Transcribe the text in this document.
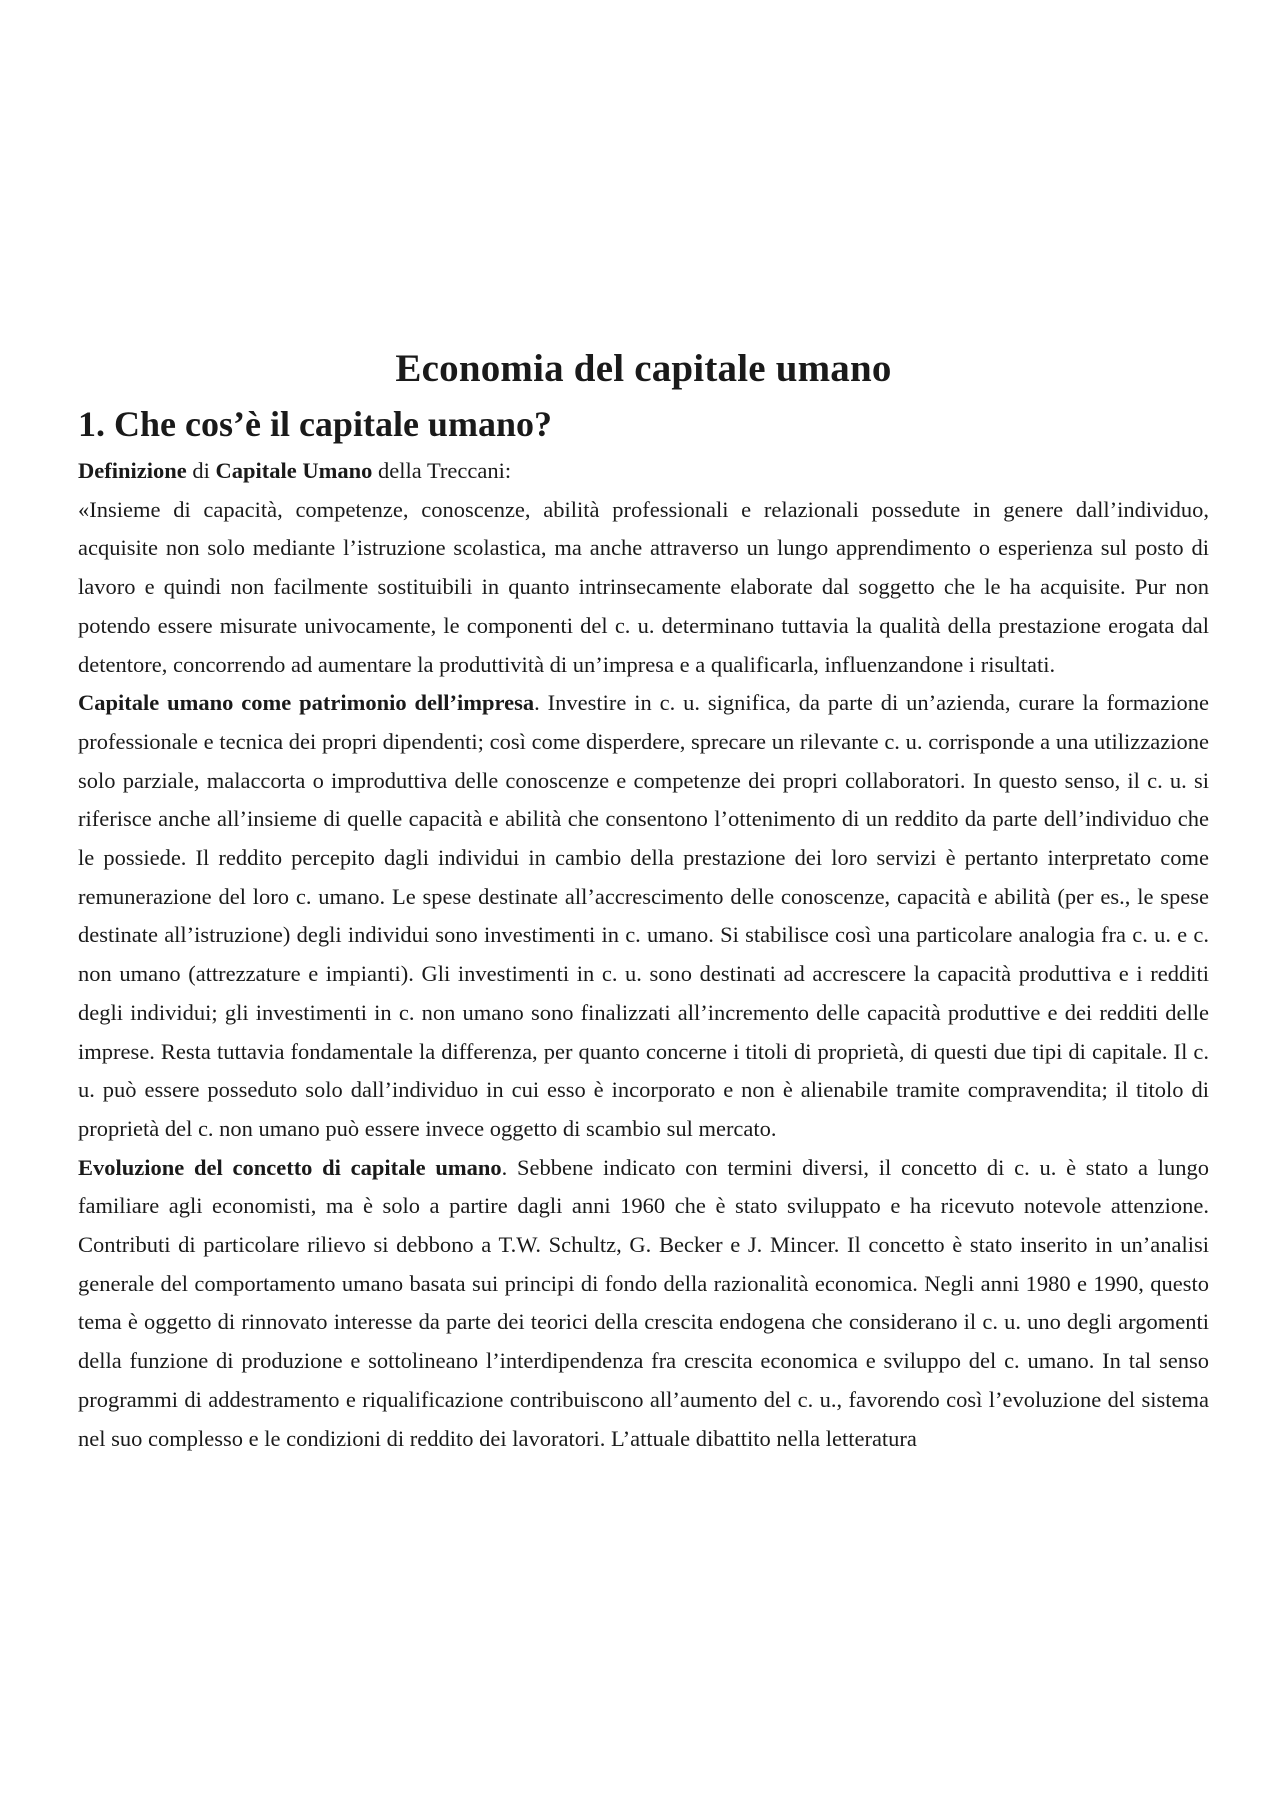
Economia del capitale umano
1. Che cos’è il capitale umano?

Definizione di Capitale Umano della Treccani:

«Insieme di capacità, competenze, conoscenze, abilità professionali e relazionali possedute in genere dall’individuo, acquisite non solo mediante l’istruzione scolastica, ma anche attraverso un lungo apprendimento o esperienza sul posto di lavoro e quindi non facilmente sostituibili in quanto intrinsecamente elaborate dal soggetto che le ha acquisite. Pur non potendo essere misurate univocamente, le componenti del c. u. determinano tuttavia la qualità della prestazione erogata dal detentore, concorrendo ad aumentare la produttività di un’impresa e a qualificarla, influenzandone i risultati.

Capitale umano come patrimonio dell’impresa. Investire in c. u. significa, da parte di un’azienda, curare la formazione professionale e tecnica dei propri dipendenti; così come disperdere, sprecare un rilevante c. u. corrisponde a una utilizzazione solo parziale, malaccorta o improduttiva delle conoscenze e competenze dei propri collaboratori. In questo senso, il c. u. si riferisce anche all’insieme di quelle capacità e abilità che consentono l’ottenimento di un reddito da parte dell’individuo che le possiede. Il reddito percepito dagli individui in cambio della prestazione dei loro servizi è pertanto interpretato come remunerazione del loro c. umano. Le spese destinate all’accrescimento delle conoscenze, capacità e abilità (per es., le spese destinate all’istruzione) degli individui sono investimenti in c. umano. Si stabilisce così una particolare analogia fra c. u. e c. non umano (attrezzature e impianti). Gli investimenti in c. u. sono destinati ad accrescere la capacità produttiva e i redditi degli individui; gli investimenti in c. non umano sono finalizzati all’incremento delle capacità produttive e dei redditi delle imprese. Resta tuttavia fondamentale la differenza, per quanto concerne i titoli di proprietà, di questi due tipi di capitale. Il c. u. può essere posseduto solo dall’individuo in cui esso è incorporato e non è alienabile tramite compravendita; il titolo di proprietà del c. non umano può essere invece oggetto di scambio sul mercato.

Evoluzione del concetto di capitale umano. Sebbene indicato con termini diversi, il concetto di c. u. è stato a lungo familiare agli economisti, ma è solo a partire dagli anni 1960 che è stato sviluppato e ha ricevuto notevole attenzione. Contributi di particolare rilievo si debbono a T.W. Schultz, G. Becker e J. Mincer. Il concetto è stato inserito in un’analisi generale del comportamento umano basata sui principi di fondo della razionalità economica. Negli anni 1980 e 1990, questo tema è oggetto di rinnovato interesse da parte dei teorici della crescita endogena che considerano il c. u. uno degli argomenti della funzione di produzione e sottolineano l’interdipendenza fra crescita economica e sviluppo del c. umano. In tal senso programmi di addestramento e riqualificazione contribuiscono all’aumento del c. u., favorendo così l’evoluzione del sistema nel suo complesso e le condizioni di reddito dei lavoratori. L’attuale dibattito nella letteratura
